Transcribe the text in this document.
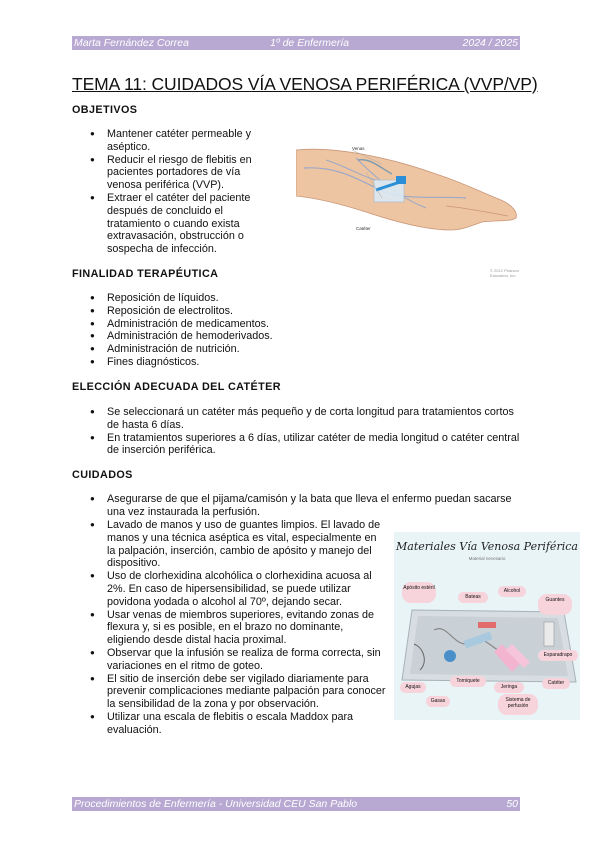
Marta Fernández Correa	1º de Enfermería	2024 / 2025
TEMA 11: CUIDADOS VÍA VENOSA PERIFÉRICA (VVP/VP)
OBJETIVOS
● Mantener catéter permeable y aséptico.
● Reducir el riesgo de flebitis en pacientes portadores de vía venosa periférica (VVP).
● Extraer el catéter del paciente después de concluido el tratamiento o cuando exista extravasación, obstrucción o sospecha de infección.
Venas
Catéter
© 2012 Pearson Education, Inc.
FINALIDAD TERAPÉUTICA
● Reposición de líquidos.
● Reposición de electrolitos.
● Administración de medicamentos.
● Administración de hemoderivados.
● Administración de nutrición.
● Fines diagnósticos.
ELECCIÓN ADECUADA DEL CATÉTER
● Se seleccionará un catéter más pequeño y de corta longitud para tratamientos cortos de hasta 6 días.
● En tratamientos superiores a 6 días, utilizar catéter de media longitud o catéter central de inserción periférica.
CUIDADOS
● Asegurarse de que el pijama/camisón y la bata que lleva el enfermo puedan sacarse una vez instaurada la perfusión.
● Lavado de manos y uso de guantes limpios. El lavado de manos y una técnica aséptica es vital, especialmente en la palpación, inserción, cambio de apósito y manejo del dispositivo.
● Uso de clorhexidina alcohólica o clorhexidina acuosa al 2%. En caso de hipersensibilidad, se puede utilizar povidona yodada o alcohol al 70º, dejando secar.
● Usar venas de miembros superiores, evitando zonas de flexura y, si es posible, en el brazo no dominante, eligiendo desde distal hacia proximal.
● Observar que la infusión se realiza de forma correcta, sin variaciones en el ritmo de goteo.
● El sitio de inserción debe ser vigilado diariamente para prevenir complicaciones mediante palpación para conocer la sensibilidad de la zona y por observación.
● Utilizar una escala de flebitis o escala Maddox para evaluación.
Materiales Vía Venosa Periférica
Material necesario
Apósito estéril
Bateas
Alcohol
Guantes
Agujas
Gasas
Torniquete
Jeringa
Sistema de perfusión
Catéter
Esparadrapo
Procedimientos de Enfermería - Universidad CEU San Pablo	50
